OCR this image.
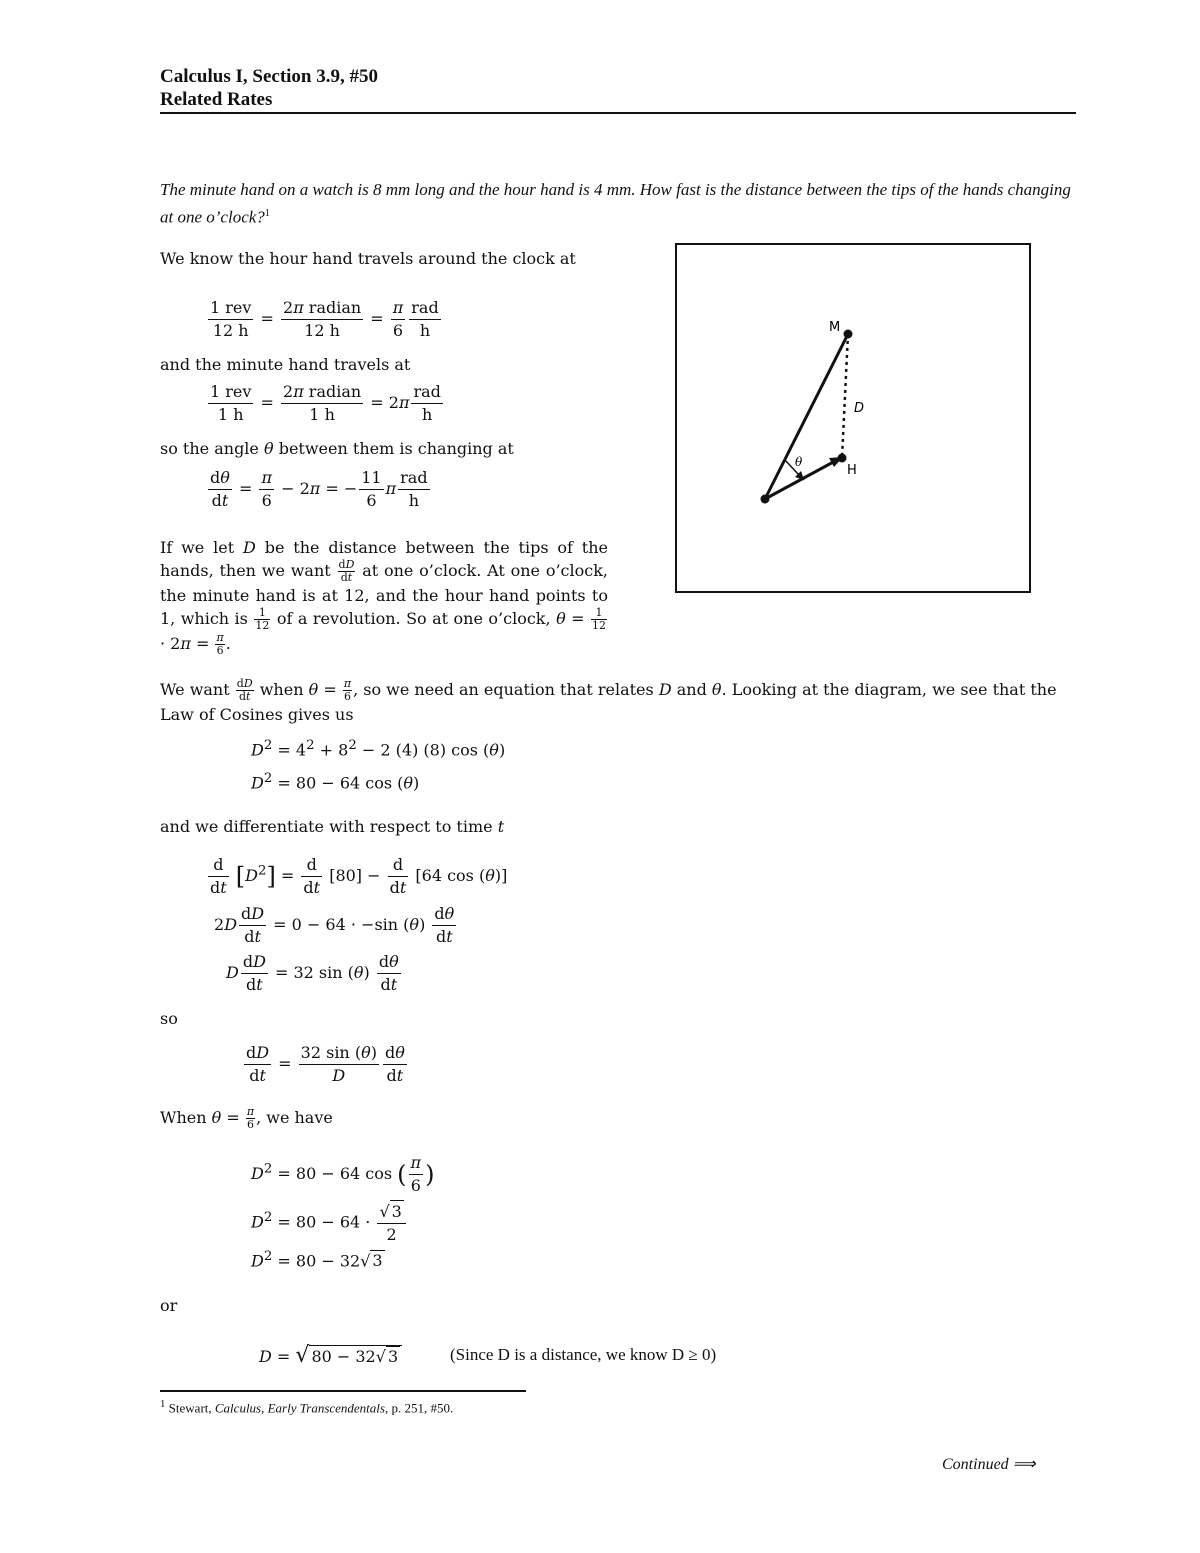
Calculus I, Section 3.9, #50
Related Rates
The minute hand on a watch is 8 mm long and the hour hand is 4 mm. How fast is the distance between the tips of the hands changing at one o’clock?$^1$
We know the hour hand travels around the clock at
$\frac{\text{1 rev}}{12 h} = \frac{\text{2π radian}}{12 h} = \frac{\pi}{6} \frac{\text{rad}}{h}$
and the minute hand travels at
$\frac{\text{1 rev}}{1 h} = \frac{\text{2π radian}}{1 h} = 2\pi \frac{\text{rad}}{h}$
so the angle θ between them is changing at
$\frac{d\theta}{dt} = \frac{\pi}{6} - 2\pi$ = − $\frac{11}{6}$ π $\frac{\text{rad}}{h}$
If we let D be the distance between the tips of the hands, then we want $\frac{dD}{dt}$ at one o’clock. At one o’clock, the minute hand is at 12, and the hour hand points to 1, which is $\frac{1}{12}$ of a revolution. So at one o’clock, $\theta = \frac{1}{12}$
· $2\pi = \frac{\pi}{6}$ .
M
H
D
θ
We want $\frac{dD}{dt}$ when $\theta = \frac{\pi}{6}$ , so we need an equation that relates D and θ. Looking at the diagram, we see that the Law of Cosines gives us
$D^2 = 4^2 + 8^2 - 2$ (4) (8) cos (θ)
$D^2 = 80 - 64$ cos (θ)
and we differentiate with respect to time t
$\frac{d}{dt} [D^2] = \frac{d}{dt} [80] - \frac{d}{dt} [64$ cos (θ)]
$2D \frac{dD}{dt} = 0 - 64 \cdot -\sin$ $(\theta) \frac{d\theta}{dt}$
D $\frac{dD}{dt} = 32$ $\sin (\theta) \frac{d\theta}{dt}$
so
$\frac{dD}{dt} = \frac{32 \sin (\theta)}{D} \frac{d\theta}{dt}$
When $\theta = \frac{\pi}{6}$ , we have
$D^2 = 80 - 64$ cos ( $\frac{\pi}{6}$ )
$D^2 = 80 - 64 \cdot \frac{√ 3}{2}$
$D^2 = 80 - 32√$ 3
or
D = √ 80 − 32√ 3	(Since D is a distance, we know D ≥ 0)
$^1$ Stewart, Calculus, Early Transcendentals, p. 251, #50.
Continued ⟹
